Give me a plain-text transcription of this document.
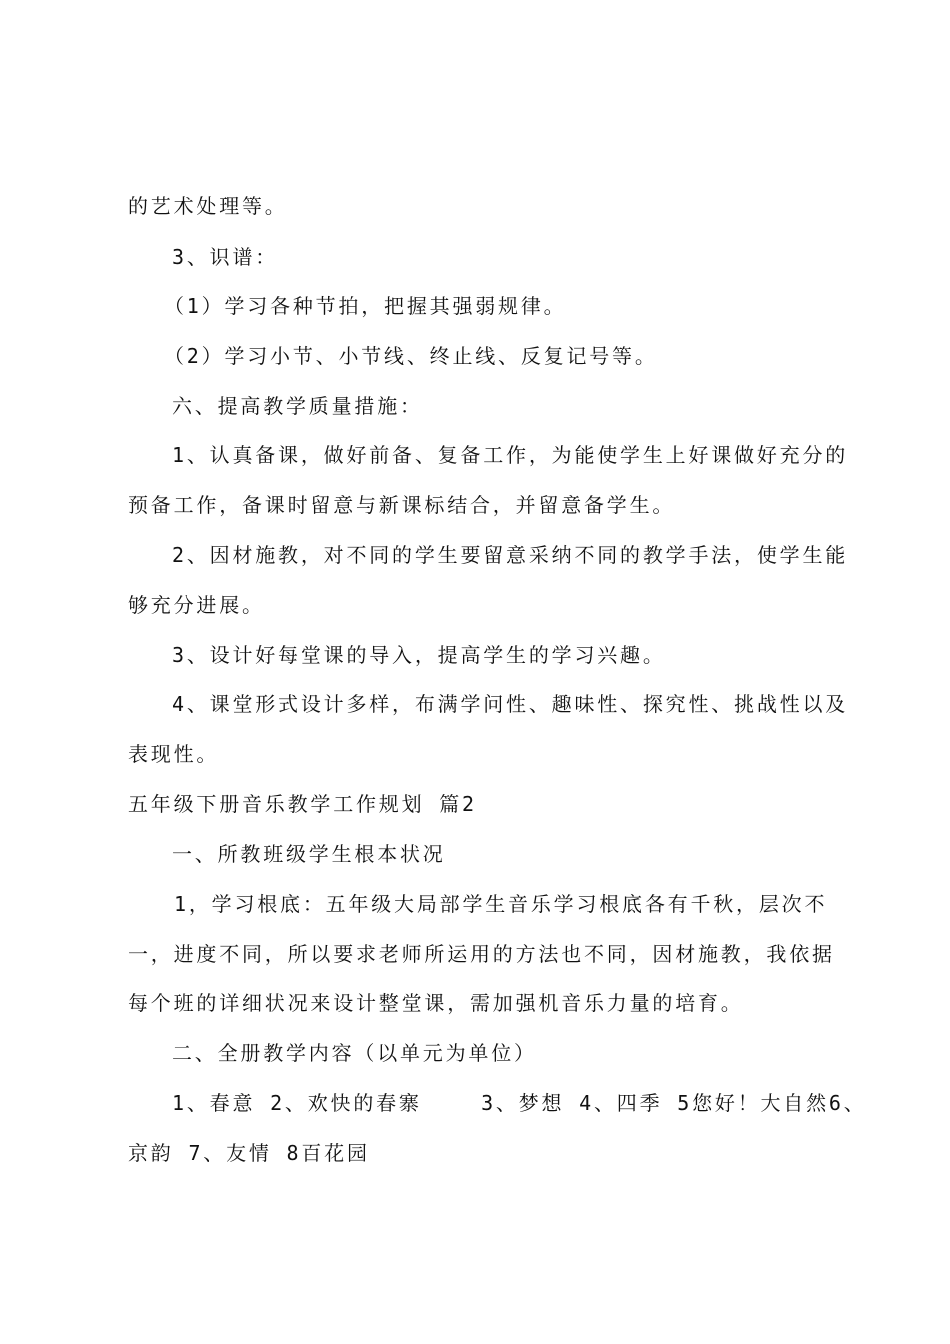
的艺术处理等。

3、识谱：

（1）学习各种节拍，把握其强弱规律。

（2）学习小节、小节线、终止线、反复记号等。

六、提高教学质量措施：

1、认真备课，做好前备、复备工作，为能使学生上好课做好充分的

预备工作，备课时留意与新课标结合，并留意备学生。

2、因材施教，对不同的学生要留意采纳不同的教学手法，使学生能

够充分进展。

3、设计好每堂课的导入，提高学生的学习兴趣。

4、课堂形式设计多样，布满学问性、趣味性、探究性、挑战性以及

表现性。

五年级下册音乐教学工作规划 篇2

一、所教班级学生根本状况

1，学习根底：五年级大局部学生音乐学习根底各有千秋，层次不

一，进度不同，所以要求老师所运用的方法也不同，因材施教，我依据

每个班的详细状况来设计整堂课，需加强机音乐力量的培育。

二、全册教学内容（以单元为单位）

1、春意 2、欢快的春寨    3、梦想 4、四季 5您好！大自然6、

京韵 7、友情 8百花园
